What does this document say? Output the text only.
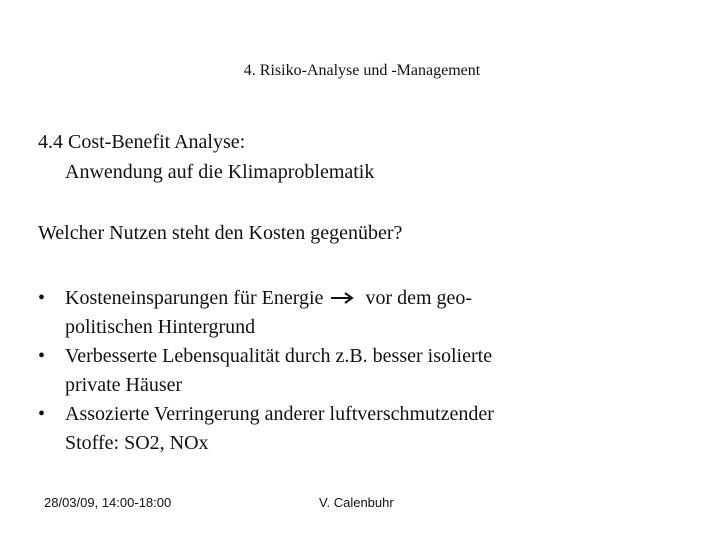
4. Risiko-Analyse und -Management
4.4 Cost-Benefit Analyse:
Anwendung auf die Klimaproblematik
Welcher Nutzen steht den Kosten gegenüber?
• Kosteneinsparungen für Energie vor dem geo-
politischen Hintergrund
• Verbesserte Lebensqualität durch z.B. besser isolierte
private Häuser
• Assozierte Verringerung anderer luftverschmutzender
Stoffe: SO2, NOx
28/03/09, 14:00-18:00	V. Calenbuhr
